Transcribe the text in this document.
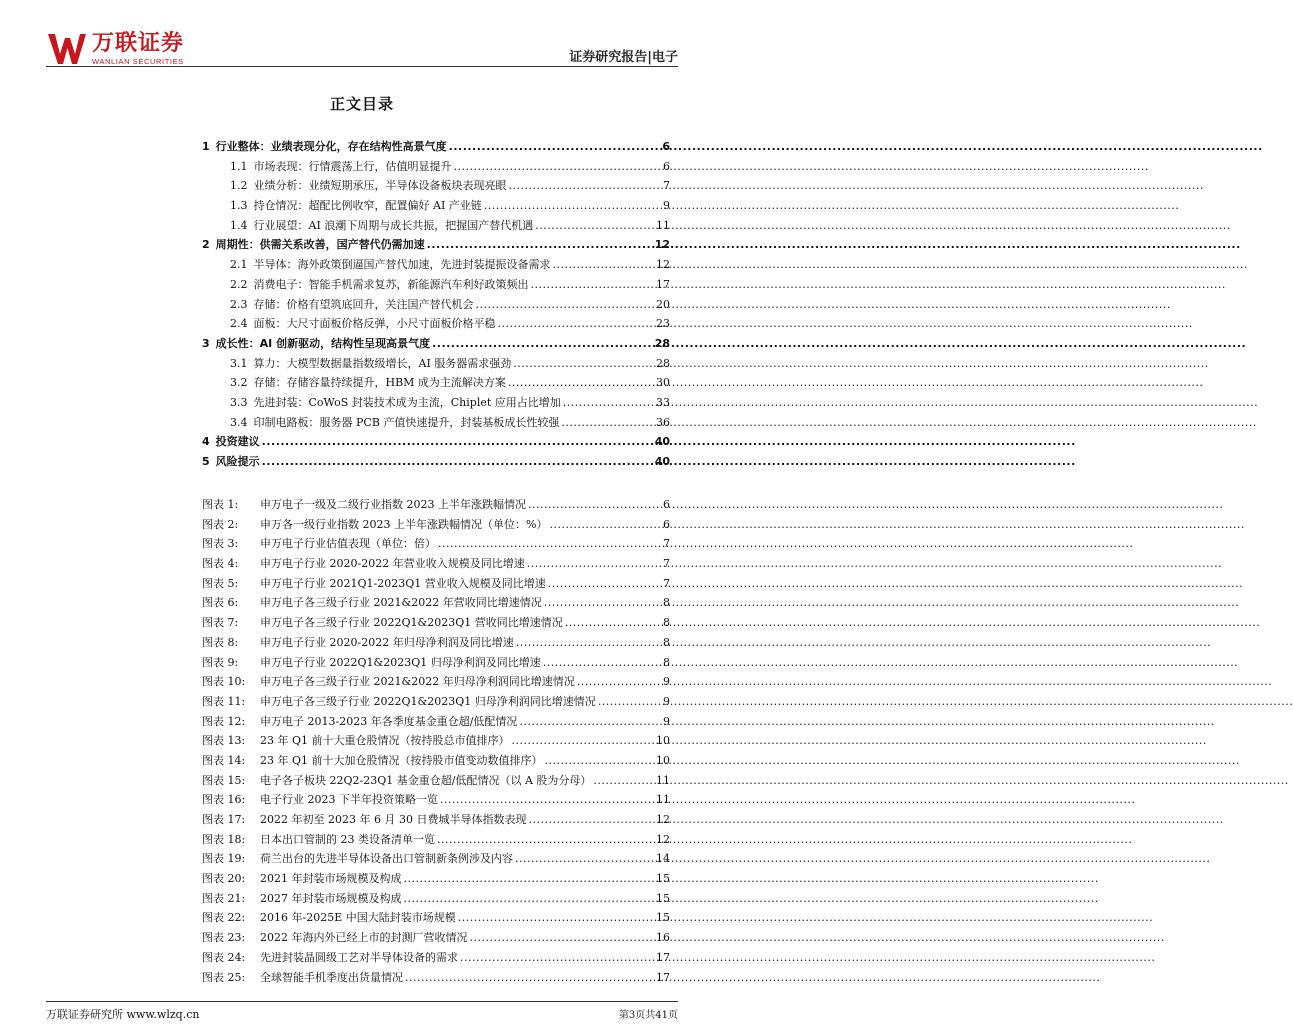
万联证券
WANLIAN SECURITIES	证券研究报告|电子
正文目录
1 行业整体：业绩表现分化，存在结构性高景气度 .....	6
1.1 市场表现：行情震荡上行，估值明显提升 .....	6
1.2 业绩分析：业绩短期承压，半导体设备板块表现亮眼 .....	7
1.3 持仓情况：超配比例收窄，配置偏好 AI 产业链 .....	9
1.4 行业展望：AI 浪潮下周期与成长共振，把握国产替代机遇 .....	11
2 周期性：供需关系改善，国产替代仍需加速 .....	12
2.1 半导体：海外政策倒逼国产替代加速，先进封装提振设备需求 .....	12
2.2 消费电子：智能手机需求复苏，新能源汽车利好政策频出 .....	17
2.3 存储：价格有望筑底回升，关注国产替代机会 .....	20
2.4 面板：大尺寸面板价格反弹，小尺寸面板价格平稳 .....	23
3 成长性：AI 创新驱动，结构性呈现高景气度 .....	28
3.1 算力：大模型数据量指数级增长，AI 服务器需求强劲 .....	28
3.2 存储：存储容量持续提升，HBM 成为主流解决方案 .....	30
3.3 先进封装：CoWoS 封装技术成为主流，Chiplet 应用占比增加 .....	33
3.4 印制电路板：服务器 PCB 产值快速提升，封装基板成长性较强 .....	36
4 投资建议 .....	40
5 风险提示 .....	40
图表 1:	申万电子一级及二级行业指数 2023 上半年涨跌幅情况 .....	6
图表 2:	申万各一级行业指数 2023 上半年涨跌幅情况（单位：%） .....	6
图表 3:	申万电子行业估值表现（单位：倍） .....	7
图表 4:	申万电子行业 2020-2022 年营业收入规模及同比增速 .....	7
图表 5:	申万电子行业 2021Q1-2023Q1 营业收入规模及同比增速 .....	7
图表 6:	申万电子各三级子行业 2021&2022 年营收同比增速情况 .....	8
图表 7:	申万电子各三级子行业 2022Q1&2023Q1 营收同比增速情况 .....	8
图表 8:	申万电子行业 2020-2022 年归母净利润及同比增速 .....	8
图表 9:	申万电子行业 2022Q1&2023Q1 归母净利润及同比增速 .....	8
图表 10:	申万电子各三级子行业 2021&2022 年归母净利润同比增速情况 .....	9
图表 11:	申万电子各三级子行业 2022Q1&2023Q1 归母净利润同比增速情况 .....	9
图表 12:	申万电子 2013-2023 年各季度基金重仓超/低配情况 .....	9
图表 13:	23 年 Q1 前十大重仓股情况（按持股总市值排序） .....	10
图表 14:	23 年 Q1 前十大加仓股情况（按持股市值变动数值排序） .....	10
图表 15:	电子各子板块 22Q2-23Q1 基金重仓超/低配情况（以 A 股为分母） .....	11
图表 16:	电子行业 2023 下半年投资策略一览 .....	11
图表 17:	2022 年初至 2023 年 6 月 30 日费城半导体指数表现 .....	12
图表 18:	日本出口管制的 23 类设备清单一览 .....	12
图表 19:	荷兰出台的先进半导体设备出口管制新条例涉及内容 .....	14
图表 20:	2021 年封装市场规模及构成 .....	15
图表 21:	2027 年封装市场规模及构成 .....	15
图表 22:	2016 年-2025E 中国大陆封装市场规模 .....	15
图表 23:	2022 年海内外已经上市的封测厂营收情况 .....	16
图表 24:	先进封装晶圆级工艺对半导体设备的需求 .....	17
图表 25:	全球智能手机季度出货量情况 .....	17
万联证券研究所 www.wlzq.cn	第3页共41页
